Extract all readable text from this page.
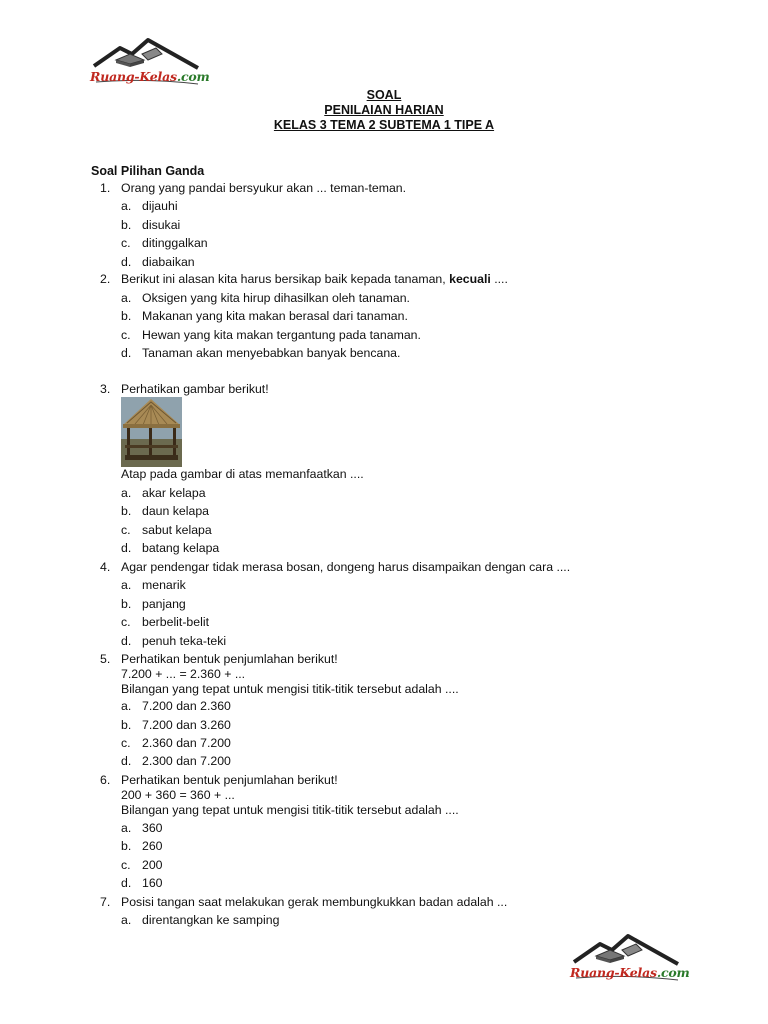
Ruang-Kelas.com

SOAL
PENILAIAN HARIAN
KELAS 3 TEMA 2 SUBTEMA 1 TIPE A
Soal Pilihan Ganda
1. Orang yang pandai bersyukur akan ... teman-teman.
a. dijauhi
b. disukai
c. ditinggalkan
d. diabaikan
2. Berikut ini alasan kita harus bersikap baik kepada tanaman, kecuali ....
a. Oksigen yang kita hirup dihasilkan oleh tanaman.
b. Makanan yang kita makan berasal dari tanaman.
c. Hewan yang kita makan tergantung pada tanaman.
d. Tanaman akan menyebabkan banyak bencana.
3. Perhatikan gambar berikut!
Atap pada gambar di atas memanfaatkan ....
a. akar kelapa
b. daun kelapa
c. sabut kelapa
d. batang kelapa
4. Agar pendengar tidak merasa bosan, dongeng harus disampaikan dengan cara ....
a. menarik
b. panjang
c. berbelit-belit
d. penuh teka-teki
5. Perhatikan bentuk penjumlahan berikut!
7.200 + ... = 2.360 + ...
Bilangan yang tepat untuk mengisi titik-titik tersebut adalah ....
a. 7.200 dan 2.360
b. 7.200 dan 3.260
c. 2.360 dan 7.200
d. 2.300 dan 7.200
6. Perhatikan bentuk penjumlahan berikut!
200 + 360 = 360 + ...
Bilangan yang tepat untuk mengisi titik-titik tersebut adalah ....
a. 360
b. 260
c. 200
d. 160
7. Posisi tangan saat melakukan gerak membungkukkan badan adalah ...
a. direntangkan ke samping

Ruang-Kelas.com
